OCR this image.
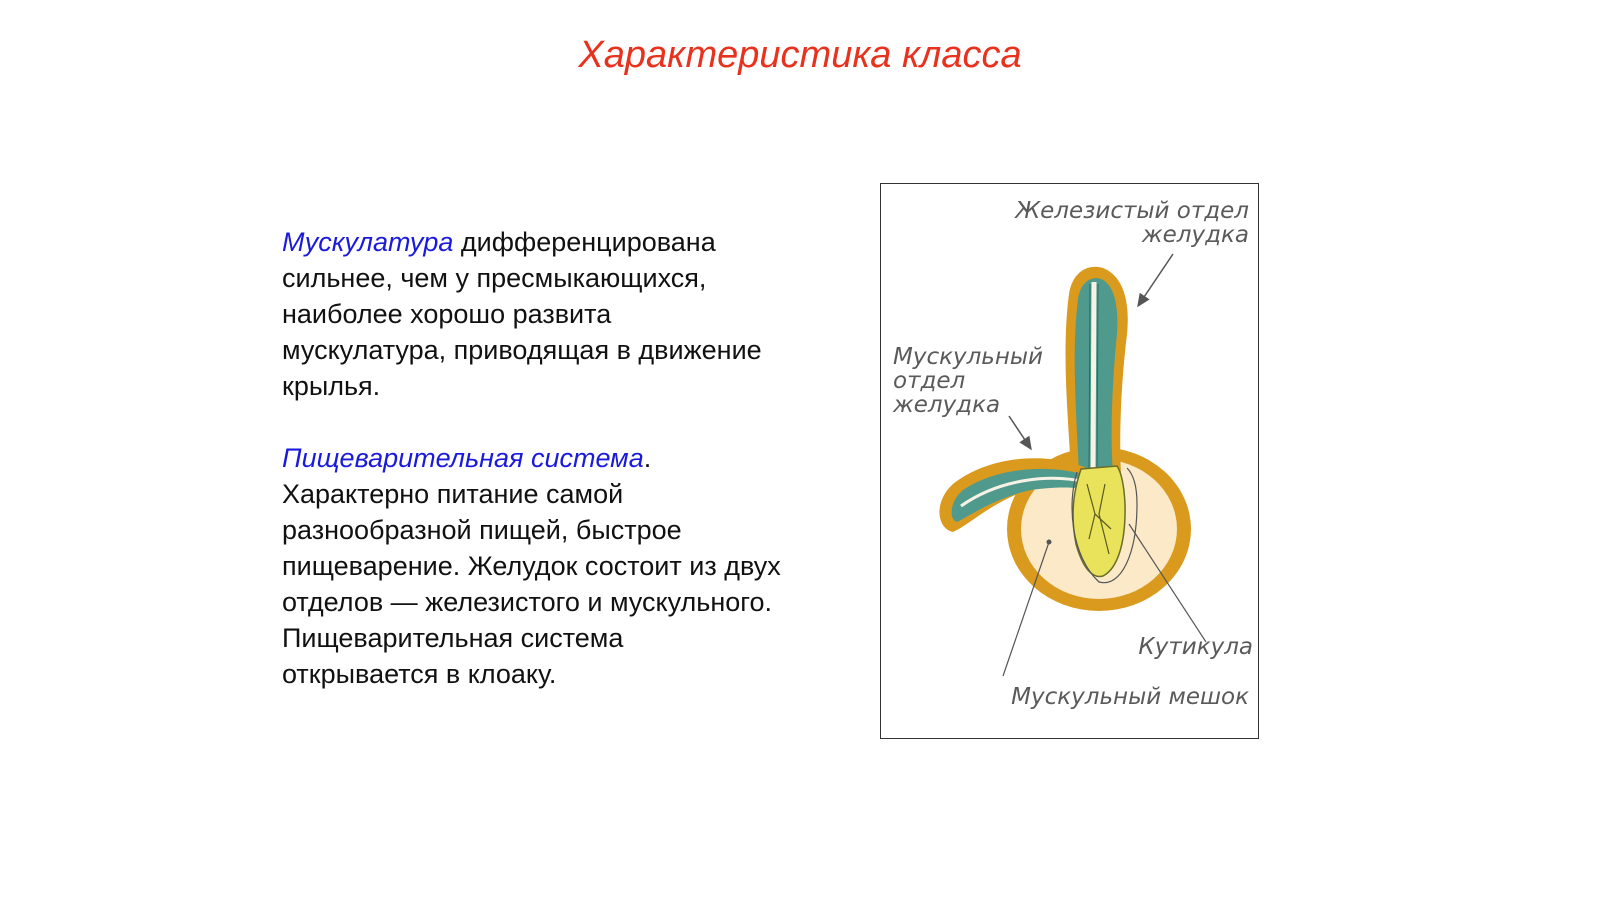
Характеристика класса

Мускулатура дифференцирована сильнее, чем у пресмыкающихся, наиболее хорошо развита мускулатура, приводящая в движение крылья.

Пищеварительная система. Характерно питание самой разнообразной пищей, быстрое пищеварение. Желудок состоит из двух отделов — железистого и мускульного. Пищеварительная система открывается в клоаку.

Железистый отдел
желудка
Мускульный
отдел
желудка
Кутикула
Мускульный мешок
